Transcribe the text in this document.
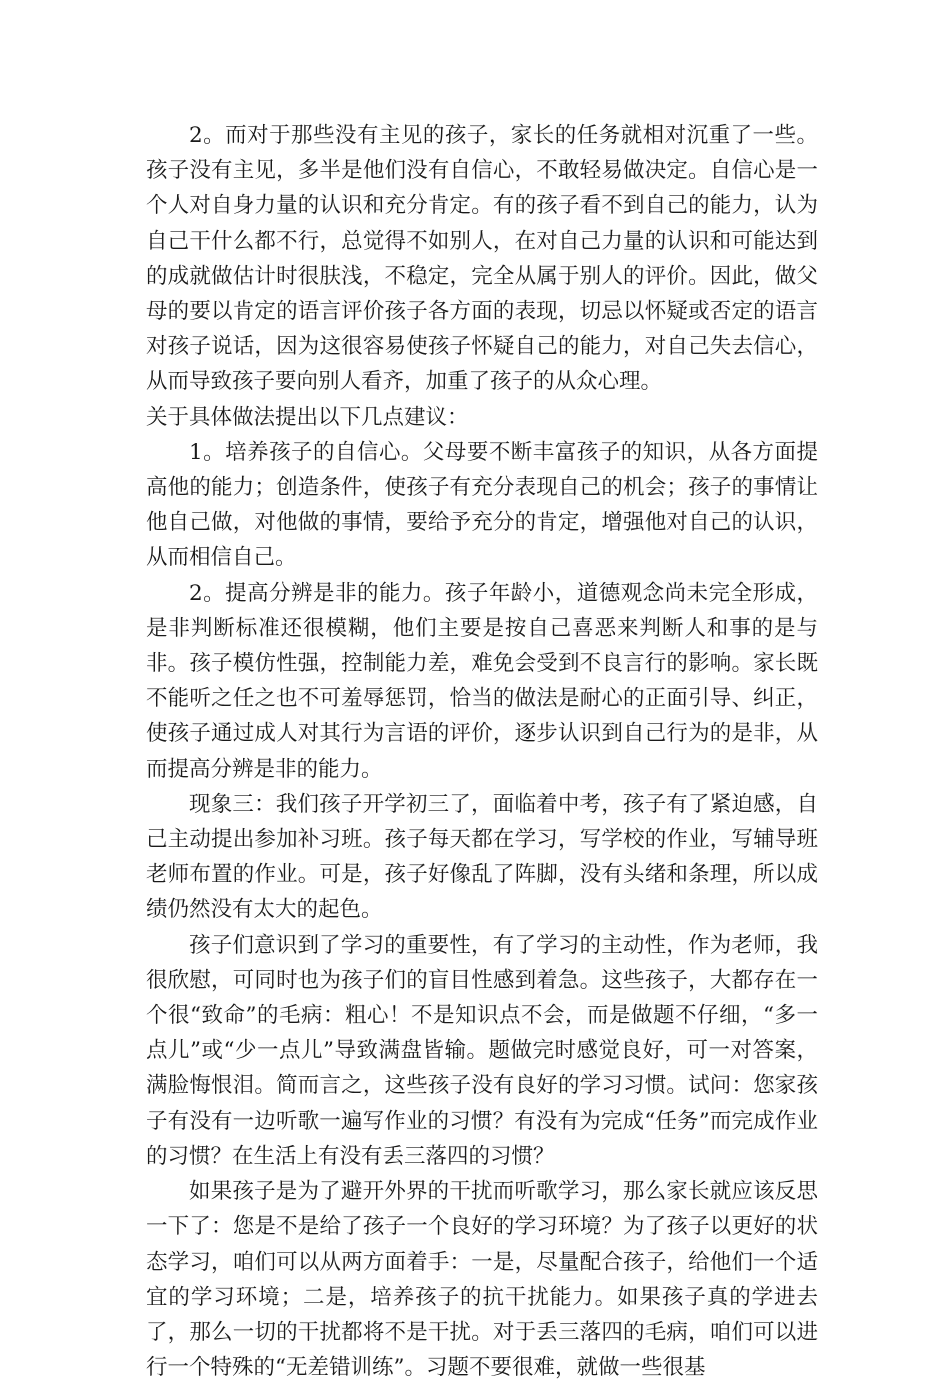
2。而对于那些没有主见的孩子，家长的任务就相对沉重了一些。孩子没有主见，多半是他们没有自信心，不敢轻易做决定。自信心是一个人对自身力量的认识和充分肯定。有的孩子看不到自己的能力，认为自己干什么都不行，总觉得不如别人，在对自己力量的认识和可能达到的成就做估计时很肤浅，不稳定，完全从属于别人的评价。因此，做父母的要以肯定的语言评价孩子各方面的表现，切忌以怀疑或否定的语言对孩子说话，因为这很容易使孩子怀疑自己的能力，对自己失去信心，从而导致孩子要向别人看齐，加重了孩子的从众心理。

关于具体做法提出以下几点建议：

1。培养孩子的自信心。父母要不断丰富孩子的知识，从各方面提高他的能力；创造条件，使孩子有充分表现自己的机会；孩子的事情让他自己做，对他做的事情，要给予充分的肯定，增强他对自己的认识，从而相信自己。

2。提高分辨是非的能力。孩子年龄小，道德观念尚未完全形成，是非判断标准还很模糊，他们主要是按自己喜恶来判断人和事的是与非。孩子模仿性强，控制能力差，难免会受到不良言行的影响。家长既不能听之任之也不可羞辱惩罚，恰当的做法是耐心的正面引导、纠正，使孩子通过成人对其行为言语的评价，逐步认识到自己行为的是非，从而提高分辨是非的能力。

现象三：我们孩子开学初三了，面临着中考，孩子有了紧迫感，自己主动提出参加补习班。孩子每天都在学习，写学校的作业，写辅导班老师布置的作业。可是，孩子好像乱了阵脚，没有头绪和条理，所以成绩仍然没有太大的起色。

孩子们意识到了学习的重要性，有了学习的主动性，作为老师，我很欣慰，可同时也为孩子们的盲目性感到着急。这些孩子，大都存在一个很“致命”的毛病：粗心！不是知识点不会，而是做题不仔细，“多一点儿”或“少一点儿”导致满盘皆输。题做完时感觉良好，可一对答案，满脸悔恨泪。简而言之，这些孩子没有良好的学习习惯。试问：您家孩子有没有一边听歌一遍写作业的习惯？有没有为完成“任务”而完成作业的习惯？在生活上有没有丢三落四的习惯？

如果孩子是为了避开外界的干扰而听歌学习，那么家长就应该反思一下了：您是不是给了孩子一个良好的学习环境？为了孩子以更好的状态学习，咱们可以从两方面着手：一是，尽量配合孩子，给他们一个适宜的学习环境；二是，培养孩子的抗干扰能力。如果孩子真的学进去了，那么一切的干扰都将不是干扰。对于丢三落四的毛病，咱们可以进行一个特殊的“无差错训练”。习题不要很难，就做一些很基
